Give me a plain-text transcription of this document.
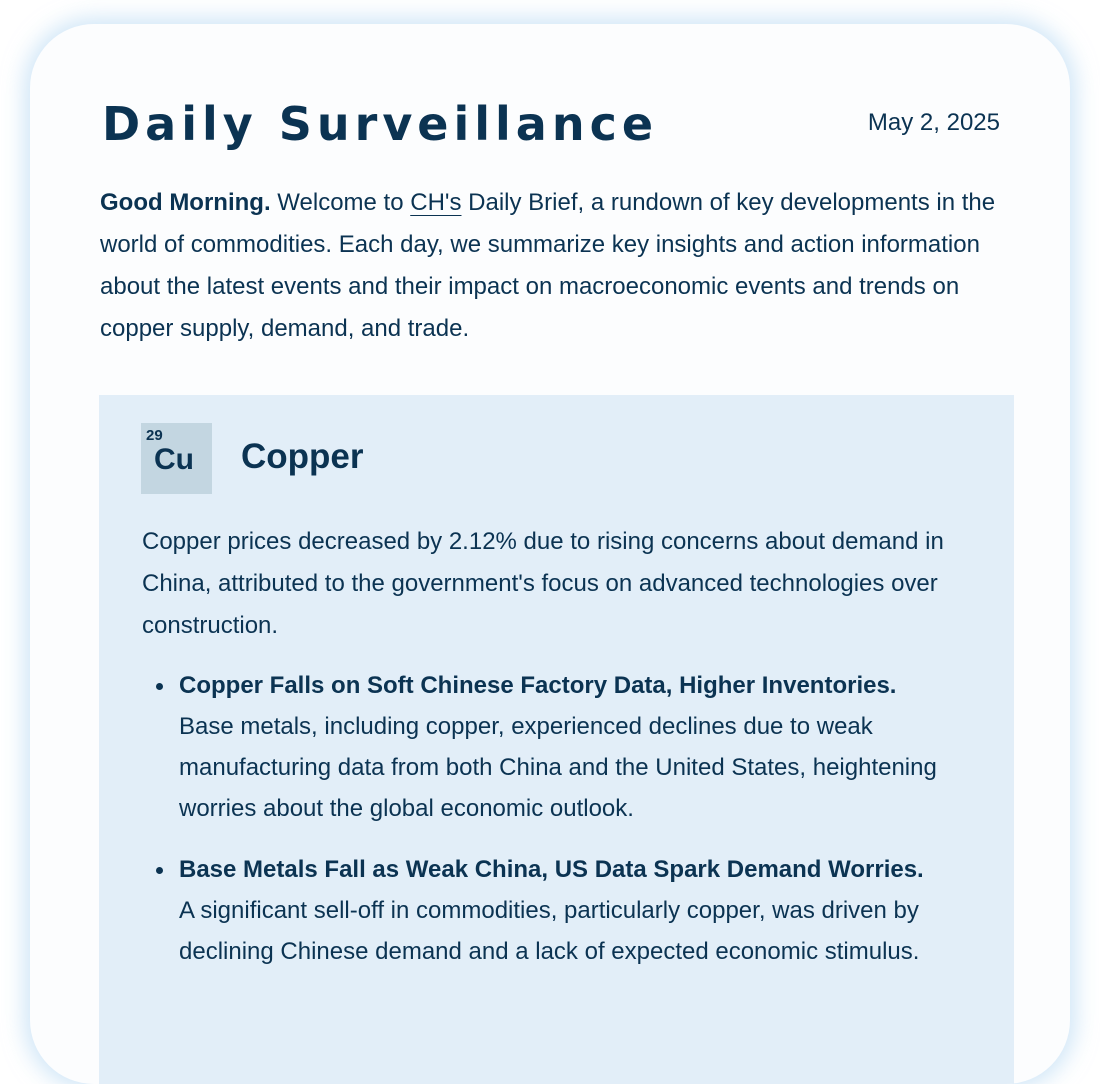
Daily Surveillance	May 2, 2025

Good Morning. Welcome to CH's Daily Brief, a rundown of key developments in the world of commodities. Each day, we summarize key insights and action information about the latest events and their impact on macroeconomic events and trends on copper supply, demand, and trade.

29
Cu Copper

Copper prices decreased by 2.12% due to rising concerns about demand in China, attributed to the government's focus on advanced technologies over construction.

Copper Falls on Soft Chinese Factory Data, Higher Inventories.
Base metals, including copper, experienced declines due to weak manufacturing data from both China and the United States, heightening worries about the global economic outlook.
Base Metals Fall as Weak China, US Data Spark Demand Worries.
A significant sell-off in commodities, particularly copper, was driven by declining Chinese demand and a lack of expected economic stimulus.
